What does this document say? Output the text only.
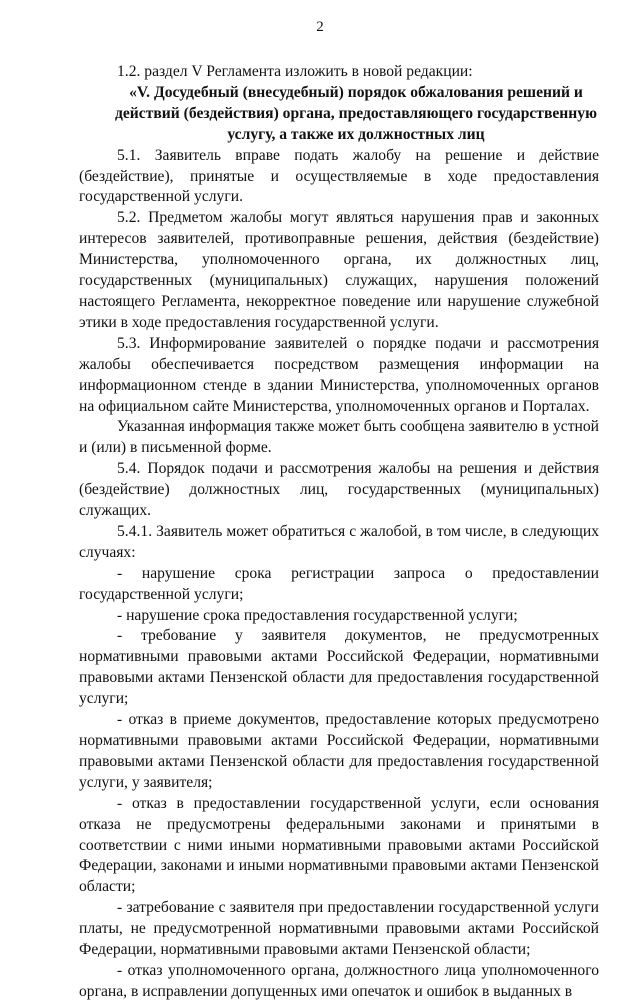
2

1.2. раздел V Регламента изложить в новой редакции:

«V. Досудебный (внесудебный) порядок обжалования решений и действий (бездействия) органа, предоставляющего государственную услугу, а также их должностных лиц

5.1. Заявитель вправе подать жалобу на решение и действие (бездействие), принятые и осуществляемые в ходе предоставления государственной услуги.

5.2. Предметом жалобы могут являться нарушения прав и законных интересов заявителей, противоправные решения, действия (бездействие) Министерства, уполномоченного органа, их должностных лиц, государственных (муниципальных) служащих, нарушения положений настоящего Регламента, некорректное поведение или нарушение служебной этики в ходе предоставления государственной услуги.

5.3. Информирование заявителей о порядке подачи и рассмотрения жалобы обеспечивается посредством размещения информации на информационном стенде в здании Министерства, уполномоченных органов на официальном сайте Министерства, уполномоченных органов и Порталах.

Указанная информация также может быть сообщена заявителю в устной и (или) в письменной форме.

5.4. Порядок подачи и рассмотрения жалобы на решения и действия (бездействие) должностных лиц, государственных (муниципальных) служащих.

5.4.1. Заявитель может обратиться с жалобой, в том числе, в следующих случаях:

- нарушение срока регистрации запроса о предоставлении государственной услуги;

- нарушение срока предоставления государственной услуги;

- требование у заявителя документов, не предусмотренных нормативными правовыми актами Российской Федерации, нормативными правовыми актами Пензенской области для предоставления государственной услуги;

- отказ в приеме документов, предоставление которых предусмотрено нормативными правовыми актами Российской Федерации, нормативными правовыми актами Пензенской области для предоставления государственной услуги, у заявителя;

- отказ в предоставлении государственной услуги, если основания отказа не предусмотрены федеральными законами и принятыми в соответствии с ними иными нормативными правовыми актами Российской Федерации, законами и иными нормативными правовыми актами Пензенской области;

- затребование с заявителя при предоставлении государственной услуги платы, не предусмотренной нормативными правовыми актами Российской Федерации, нормативными правовыми актами Пензенской области;

- отказ уполномоченного органа, должностного лица уполномоченного органа, в исправлении допущенных ими опечаток и ошибок в выданных в
